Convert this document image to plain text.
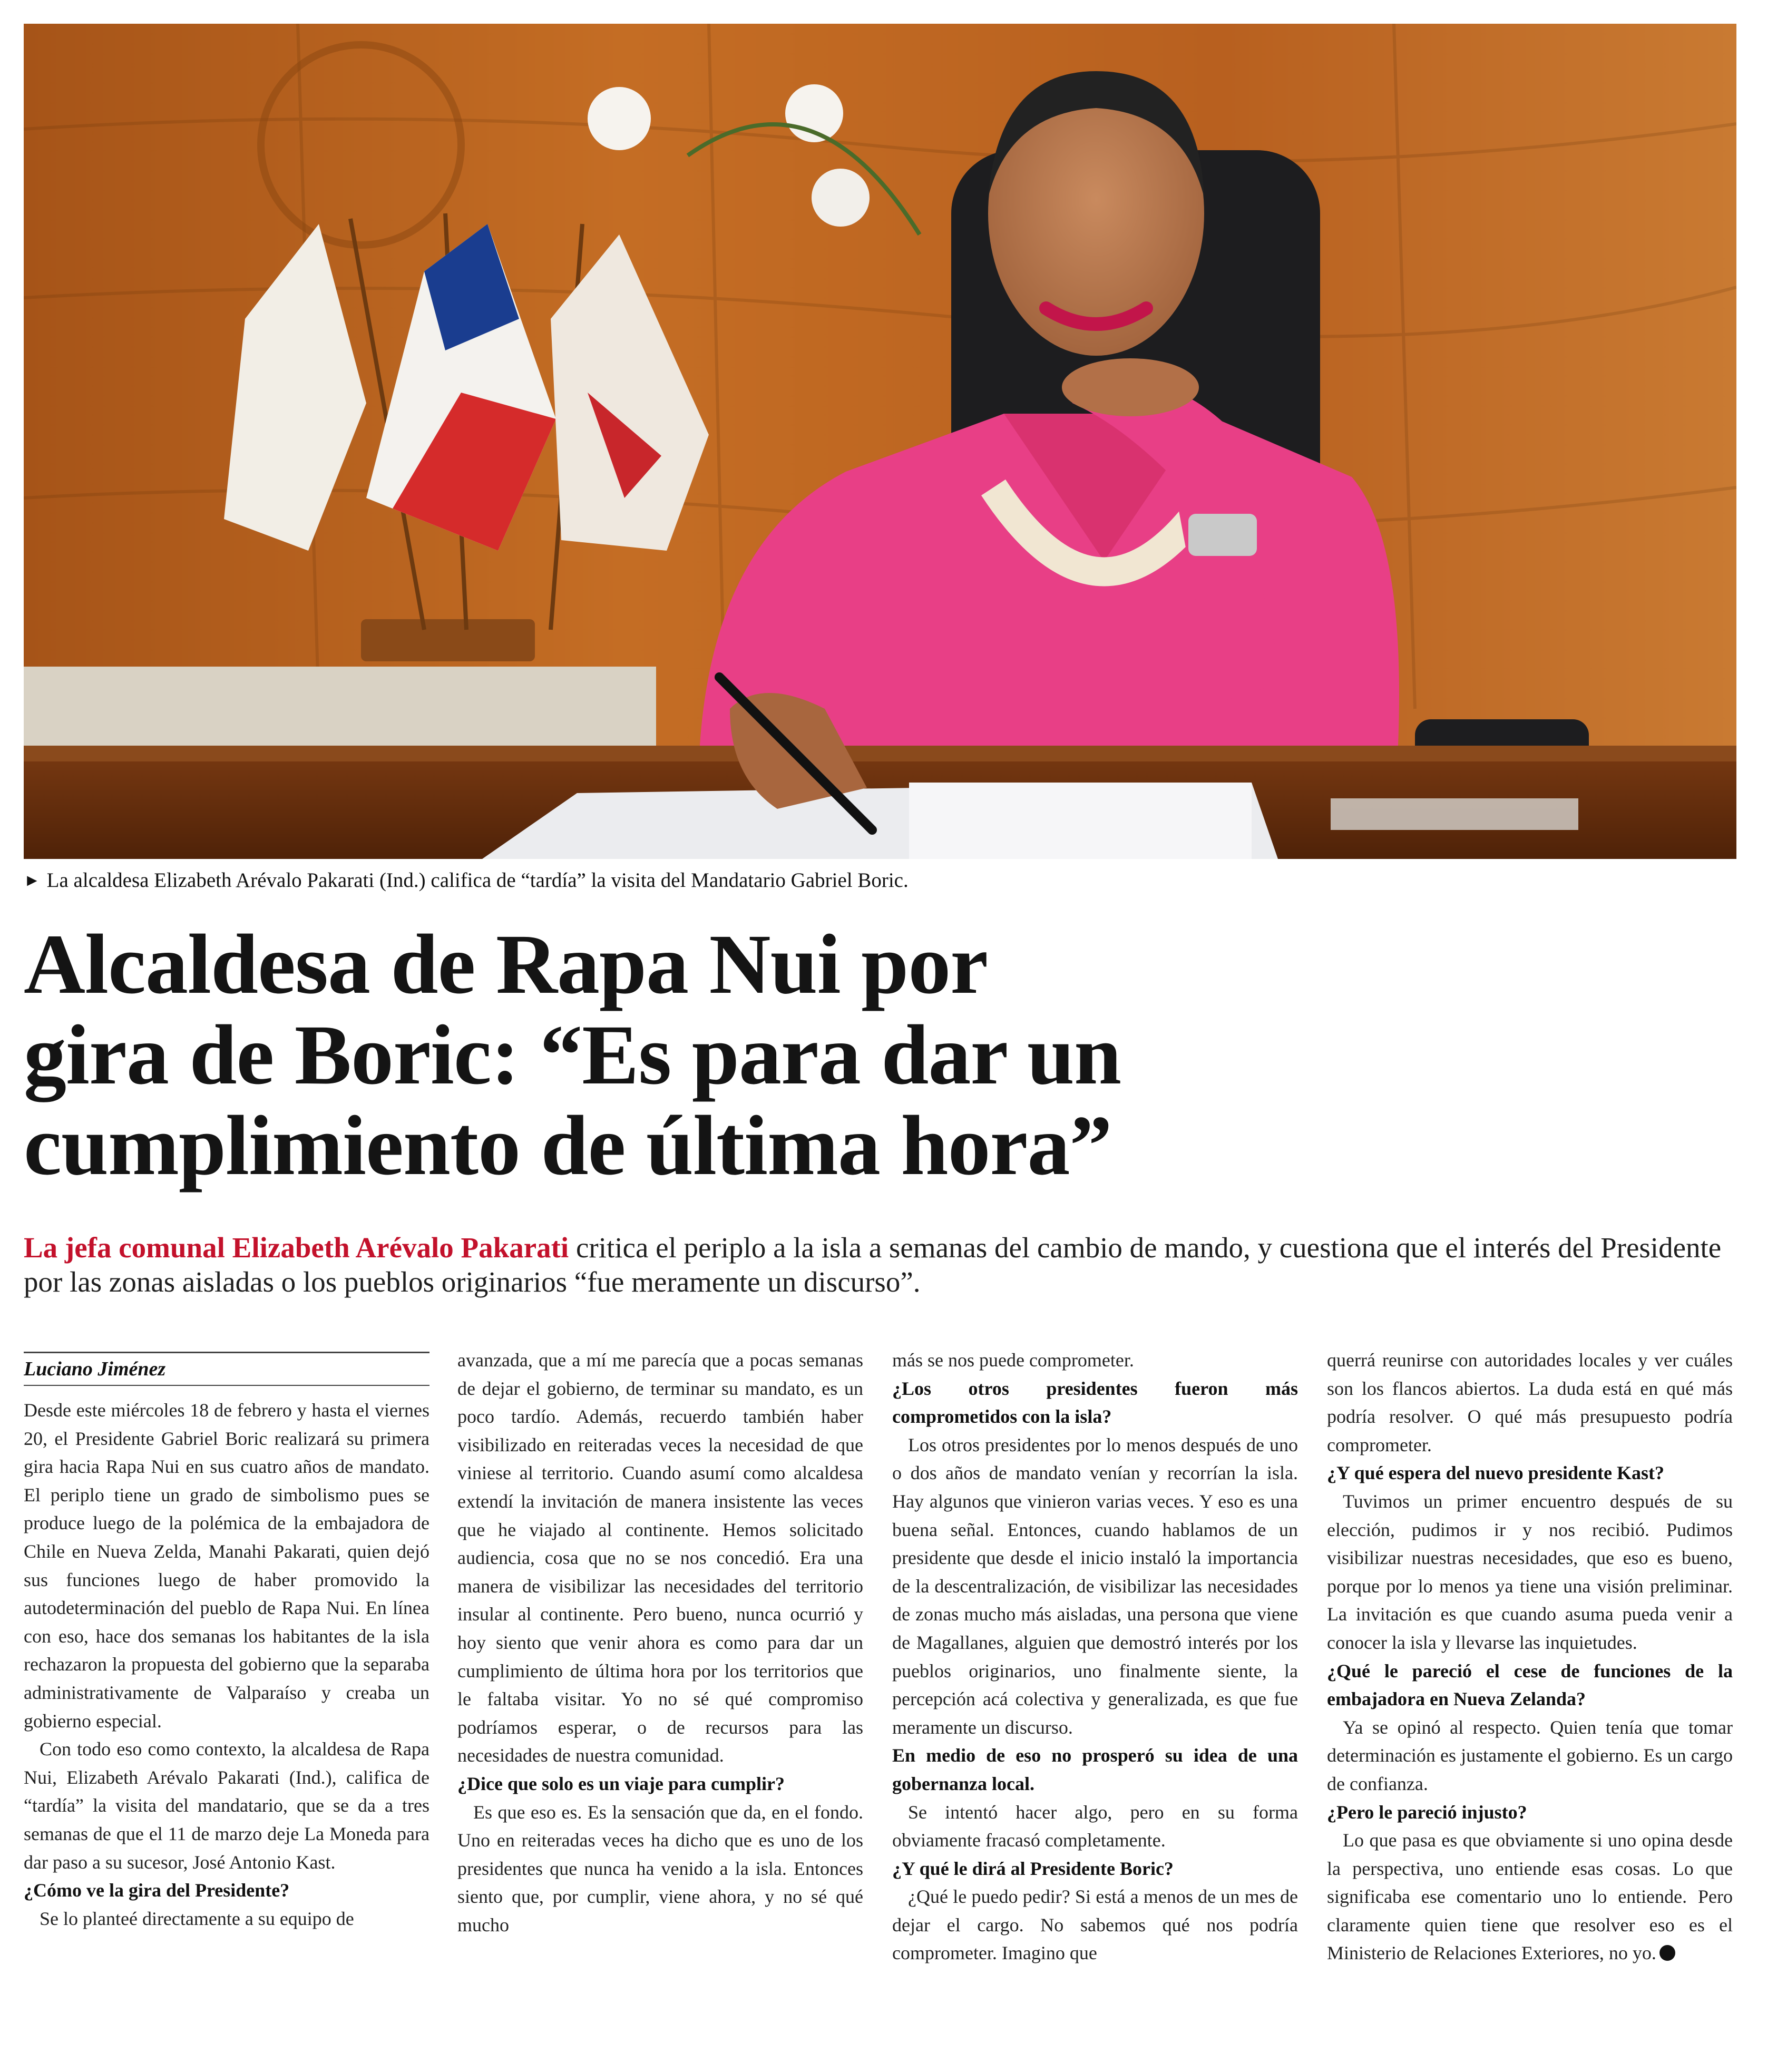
► La alcaldesa Elizabeth Arévalo Pakarati (Ind.) califica de “tardía” la visita del Mandatario Gabriel Boric.
Alcaldesa de Rapa Nui por
gira de Boric: “Es para dar un
cumplimiento de última hora”

La jefa comunal Elizabeth Arévalo Pakarati critica el periplo a la isla a semanas del cambio de mando, y cuestiona que el interés del Presidente por las zonas aisladas o los pueblos originarios “fue meramente un discurso”.

Luciano Jiménez

Desde este miércoles 18 de febrero y hasta el viernes 20, el Presidente Gabriel Boric realizará su primera gira hacia Rapa Nui en sus cuatro años de mandato. El periplo tiene un grado de simbolismo pues se produce luego de la polémica de la embajadora de Chile en Nueva Zelda, Manahi Pakarati, quien dejó sus funciones luego de haber promovido la autodeterminación del pueblo de Rapa Nui. En línea con eso, hace dos semanas los habitantes de la isla rechazaron la propuesta del gobierno que la separaba administrativamente de Valparaíso y creaba un gobierno especial.

Con todo eso como contexto, la alcaldesa de Rapa Nui, Elizabeth Arévalo Pakarati (Ind.), califica de “tardía” la visita del mandatario, que se da a tres semanas de que el 11 de marzo deje La Moneda para dar paso a su sucesor, José Antonio Kast.

¿Cómo ve la gira del Presidente?

Se lo planteé directamente a su equipo de

avanzada, que a mí me parecía que a pocas semanas de dejar el gobierno, de terminar su mandato, es un poco tardío. Además, recuerdo también haber visibilizado en reiteradas veces la necesidad de que viniese al territorio. Cuando asumí como alcaldesa extendí la invitación de manera insistente las veces que he viajado al continente. Hemos solicitado audiencia, cosa que no se nos concedió. Era una manera de visibilizar las necesidades del territorio insular al continente. Pero bueno, nunca ocurrió y hoy siento que venir ahora es como para dar un cumplimiento de última hora por los territorios que le faltaba visitar. Yo no sé qué compromiso podríamos esperar, o de recursos para las necesidades de nuestra comunidad.

¿Dice que solo es un viaje para cumplir?

Es que eso es. Es la sensación que da, en el fondo. Uno en reiteradas veces ha dicho que es uno de los presidentes que nunca ha venido a la isla. Entonces siento que, por cumplir, viene ahora, y no sé qué mucho

más se nos puede comprometer.

¿Los otros presidentes fueron más comprometidos con la isla?

Los otros presidentes por lo menos después de uno o dos años de mandato venían y recorrían la isla. Hay algunos que vinieron varias veces. Y eso es una buena señal. Entonces, cuando hablamos de un presidente que desde el inicio instaló la importancia de la descentralización, de visibilizar las necesidades de zonas mucho más aisladas, una persona que viene de Magallanes, alguien que demostró interés por los pueblos originarios, uno finalmente siente, la percepción acá colectiva y generalizada, es que fue meramente un discurso.

En medio de eso no prosperó su idea de una gobernanza local.

Se intentó hacer algo, pero en su forma obviamente fracasó completamente.

¿Y qué le dirá al Presidente Boric?

¿Qué le puedo pedir? Si está a menos de un mes de dejar el cargo. No sabemos qué nos podría comprometer. Imagino que

querrá reunirse con autoridades locales y ver cuáles son los flancos abiertos. La duda está en qué más podría resolver. O qué más presupuesto podría comprometer.

¿Y qué espera del nuevo presidente Kast?

Tuvimos un primer encuentro después de su elección, pudimos ir y nos recibió. Pudimos visibilizar nuestras necesidades, que eso es bueno, porque por lo menos ya tiene una visión preliminar. La invitación es que cuando asuma pueda venir a conocer la isla y llevarse las inquietudes.

¿Qué le pareció el cese de funciones de la embajadora en Nueva Zelanda?

Ya se opinó al respecto. Quien tenía que tomar determinación es justamente el gobierno. Es un cargo de confianza.

¿Pero le pareció injusto?

Lo que pasa es que obviamente si uno opina desde la perspectiva, uno entiende esas cosas. Lo que significaba ese comentario uno lo entiende. Pero claramente quien tiene que resolver eso es el Ministerio de Relaciones Exteriores, no yo.
